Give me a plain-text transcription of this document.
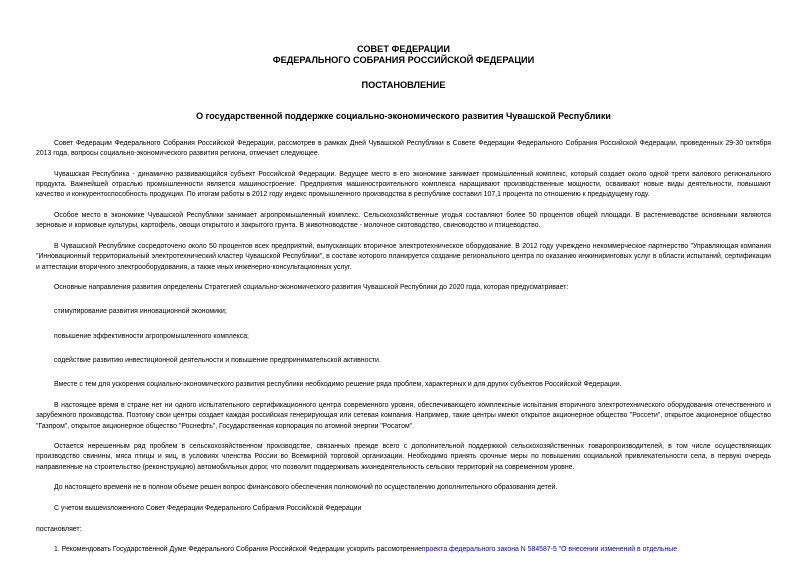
СОВЕТ ФЕДЕРАЦИИ
ФЕДЕРАЛЬНОГО СОБРАНИЯ РОССИЙСКОЙ ФЕДЕРАЦИИ
ПОСТАНОВЛЕНИЕ
О государственной поддержке социально-экономического развития Чувашской Республики

Совет Федерации Федерального Собрания Российской Федерации, рассмотрев в рамках Дней Чувашской Республики в Совете Федерации Федерального Собрания Российской Федерации, проведенных 29-30 октября 2013 года, вопросы социально-экономического развития региона, отмечает следующее.

Чувашская Республика - динамично развивающийся субъект Российской Федерации. Ведущее место в его экономике занимает промышленный комплекс, который создает около одной трети валового регионального продукта. Важнейшей отраслью промышленности является машиностроение. Предприятия машиностроительного комплекса наращивают производственные мощности, осваивают новые виды деятельности, повышают качество и конкурентоспособность продукции. По итогам работы в 2012 году индекс промышленного производства в республике составил 107,1 процента по отношению к предыдущему году.

Особое место в экономике Чувашской Республики занимает агропромышленный комплекс. Сельскохозяйственные угодья составляют более 50 процентов общей площади. В растениеводстве основными являются зерновые и кормовые культуры, картофель, овощи открытого и закрытого грунта. В животноводстве - молочное скотоводство, свиноводство и птицеводство.

В Чувашской Республике сосредоточено около 50 процентов всех предприятий, выпускающих вторичное электротехническое оборудование. В 2012 году учреждено некоммерческое партнерство "Управляющая компания "Инновационный территориальный электротехнический кластер Чувашской Республики", в составе которого планируется создание регионального центра по оказанию инжиниринговых услуг в области испытаний, сертификации и аттестации вторичного электрооборудования, а также иных инженерно-консультационных услуг.

Основные направления развития определены Стратегией социально-экономического развития Чувашской Республики до 2020 года, которая предусматривает:

стимулирование развития инновационной экономики;

повышение эффективности агропромышленного комплекса;

содействие развитию инвестиционной деятельности и повышение предпринимательской активности.

Вместе с тем для ускорения социально-экономического развития республики необходимо решение ряда проблем, характерных и для других субъектов Российской Федерации.

В настоящее время в стране нет ни одного испытательного сертификационного центра современного уровня, обеспечивающего комплексные испытания вторичного электротехнического оборудования отечественного и зарубежного производства. Поэтому свои центры создает каждая российская генерирующая или сетевая компания. Например, такие центры имеют открытое акционерное общество "Россети", открытое акционерное общество "Газпром", открытое акционерное общество "Роснефть", Государственная корпорация по атомной энергии "Росатом".

Остается нерешенным ряд проблем в сельскохозяйственном производстве, связанных прежде всего с дополнительной поддержкой сельскохозяйственных товаропроизводителей, в том числе осуществляющих производство свинины, мяса птицы и яиц, в условиях членства России во Всемирной торговой организации. Необходимо принять срочные меры по повышению социальной привлекательности села, в первую очередь направленные на строительство (реконструкцию) автомобильных дорог, что позволит поддерживать жизнедеятельность сельских территорий на современном уровне.

До настоящего времени не в полном объеме решен вопрос финансового обеспечения полномочий по осуществлению дополнительного образования детей.

С учетом вышеизложенного Совет Федерации Федерального Собрания Российской Федерации

постановляет:

1. Рекомендовать Государственной Думе Федерального Собрания Российской Федерации ускорить рассмотрениепроекта федерального закона N 584587-5 "О внесении изменений в отдельные
